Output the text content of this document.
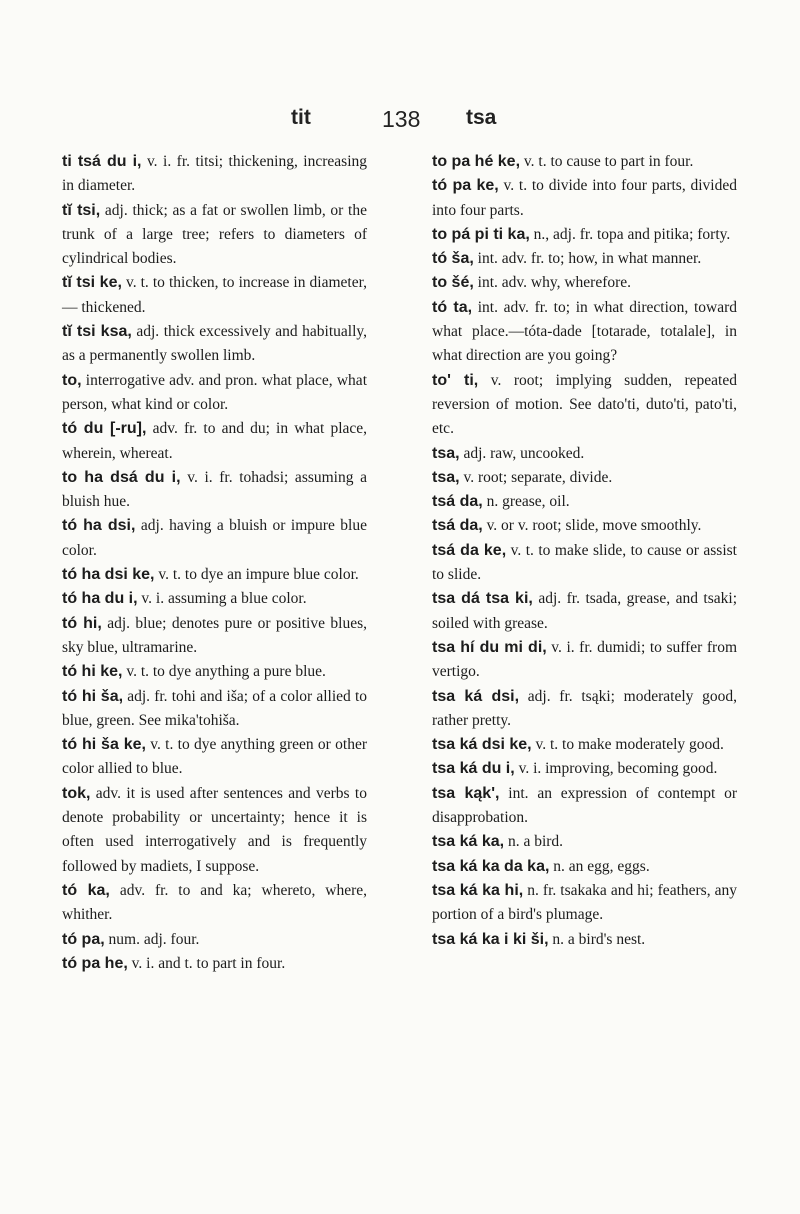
tit	138 tsa

ti tsá du i, v. i. fr. titsi; thickening, increasing in diameter.

tĭ tsi, adj. thick; as a fat or swollen limb, or the trunk of a large tree; refers to diameters of cylindrical bodies.

tĭ tsi ke, v. t. to thicken, to increase in diameter,— thickened.

tĭ tsi ksa, adj. thick excessively and habitually, as a permanently swollen limb.

to, interrogative adv. and pron. what place, what person, what kind or color.

tó du [-ru], adv. fr. to and du; in what place, wherein, whereat.

to ha dsá du i, v. i. fr. tohadsi; assuming a bluish hue.

tó ha dsi, adj. having a bluish or impure blue color.

tó ha dsi ke, v. t. to dye an impure blue color.

tó ha du i, v. i. assuming a blue color.

tó hi, adj. blue; denotes pure or positive blues, sky blue, ultramarine.

tó hi ke, v. t. to dye anything a pure blue.

tó hi ša, adj. fr. tohi and iša; of a color allied to blue, green. See mika'tohiša.

tó hi ša ke, v. t. to dye anything green or other color allied to blue.

tok, adv. it is used after sentences and verbs to denote probability or uncertainty; hence it is often used interrogatively and is frequently followed by madiets, I suppose.

tó ka, adv. fr. to and ka; whereto, where, whither.

tó pa, num. adj. four.

tó pa he, v. i. and t. to part in four.

to pa hé ke, v. t. to cause to part in four.

tó pa ke, v. t. to divide into four parts, divided into four parts.

to pá pi ti ka, n., adj. fr. topa and pitika; forty.

tó ša, int. adv. fr. to; how, in what manner.

to šé, int. adv. why, wherefore.

tó ta, int. adv. fr. to; in what direction, toward what place.—tóta-dade [totarade, totalale], in what direction are you going?

to' ti, v. root; implying sudden, repeated reversion of motion. See dato'ti, duto'ti, pato'ti, etc.

tsa, adj. raw, uncooked.

tsa, v. root; separate, divide.

tsá da, n. grease, oil.

tsá da, v. or v. root; slide, move smoothly.

tsá da ke, v. t. to make slide, to cause or assist to slide.

tsa dá tsa ki, adj. fr. tsada, grease, and tsaki; soiled with grease.

tsa hí du mi di, v. i. fr. dumidi; to suffer from vertigo.

tsa ká dsi, adj. fr. tsąki; moderately good, rather pretty.

tsa ká dsi ke, v. t. to make moderately good.

tsa ká du i, v. i. improving, becoming good.

tsa kąk', int. an expression of contempt or disapprobation.

tsa ká ka, n. a bird.

tsa ká ka da ka, n. an egg, eggs.

tsa ká ka hi, n. fr. tsakaka and hi; feathers, any portion of a bird's plumage.

tsa ká ka i ki ši, n. a bird's nest.
